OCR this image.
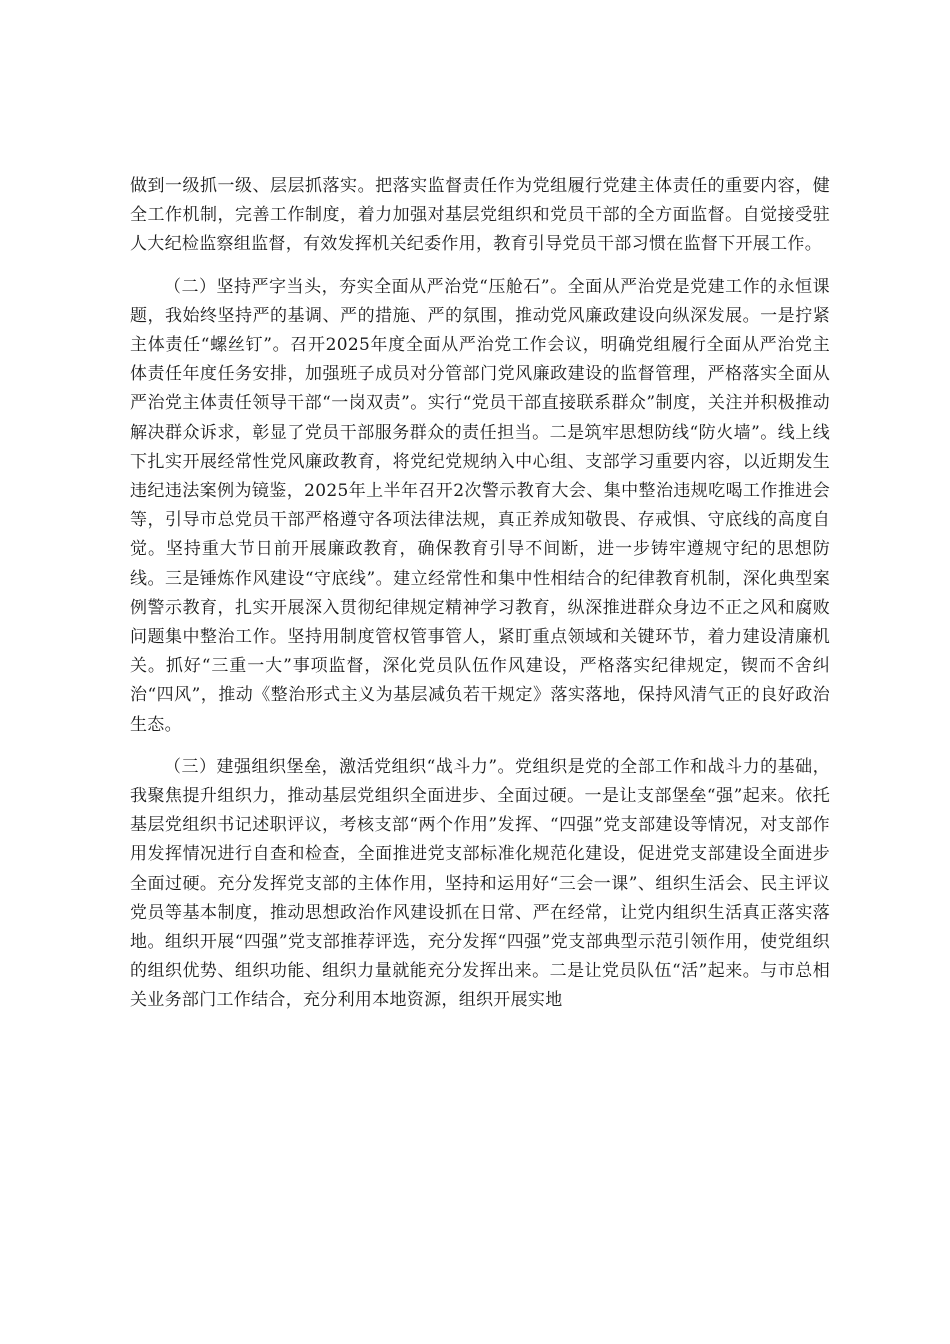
做到一级抓一级、层层抓落实。把落实监督责任作为党组履行党建主体责任的重要内容，健全工作机制，完善工作制度，着力加强对基层党组织和党员干部的全方面监督。自觉接受驻人大纪检监察组监督，有效发挥机关纪委作用，教育引导党员干部习惯在监督下开展工作。

（二）坚持严字当头，夯实全面从严治党“压舱石”。全面从严治党是党建工作的永恒课题，我始终坚持严的基调、严的措施、严的氛围，推动党风廉政建设向纵深发展。一是拧紧主体责任“螺丝钉”。召开2025年度全面从严治党工作会议，明确党组履行全面从严治党主体责任年度任务安排，加强班子成员对分管部门党风廉政建设的监督管理，严格落实全面从严治党主体责任领导干部“一岗双责”。实行“党员干部直接联系群众”制度，关注并积极推动解决群众诉求，彰显了党员干部服务群众的责任担当。二是筑牢思想防线“防火墙”。线上线下扎实开展经常性党风廉政教育，将党纪党规纳入中心组、支部学习重要内容，以近期发生违纪违法案例为镜鉴，2025年上半年召开2次警示教育大会、集中整治违规吃喝工作推进会等，引导市总党员干部严格遵守各项法律法规，真正养成知敬畏、存戒惧、守底线的高度自觉。坚持重大节日前开展廉政教育，确保教育引导不间断，进一步铸牢遵规守纪的思想防线。三是锤炼作风建设“守底线”。建立经常性和集中性相结合的纪律教育机制，深化典型案例警示教育，扎实开展深入贯彻纪律规定精神学习教育，纵深推进群众身边不正之风和腐败问题集中整治工作。坚持用制度管权管事管人，紧盯重点领域和关键环节，着力建设清廉机关。抓好“三重一大”事项监督，深化党员队伍作风建设，严格落实纪律规定，锲而不舍纠治“四风”，推动《整治形式主义为基层减负若干规定》落实落地，保持风清气正的良好政治生态。

（三）建强组织堡垒，激活党组织“战斗力”。党组织是党的全部工作和战斗力的基础，我聚焦提升组织力，推动基层党组织全面进步、全面过硬。一是让支部堡垒“强”起来。依托基层党组织书记述职评议，考核支部“两个作用”发挥、“四强”党支部建设等情况，对支部作用发挥情况进行自查和检查，全面推进党支部标准化规范化建设，促进党支部建设全面进步全面过硬。充分发挥党支部的主体作用，坚持和运用好“三会一课”、组织生活会、民主评议党员等基本制度，推动思想政治作风建设抓在日常、严在经常，让党内组织生活真正落实落地。组织开展“四强”党支部推荐评选，充分发挥“四强”党支部典型示范引领作用，使党组织的组织优势、组织功能、组织力量就能充分发挥出来。二是让党员队伍“活”起来。与市总相关业务部门工作结合，充分利用本地资源，组织开展实地
